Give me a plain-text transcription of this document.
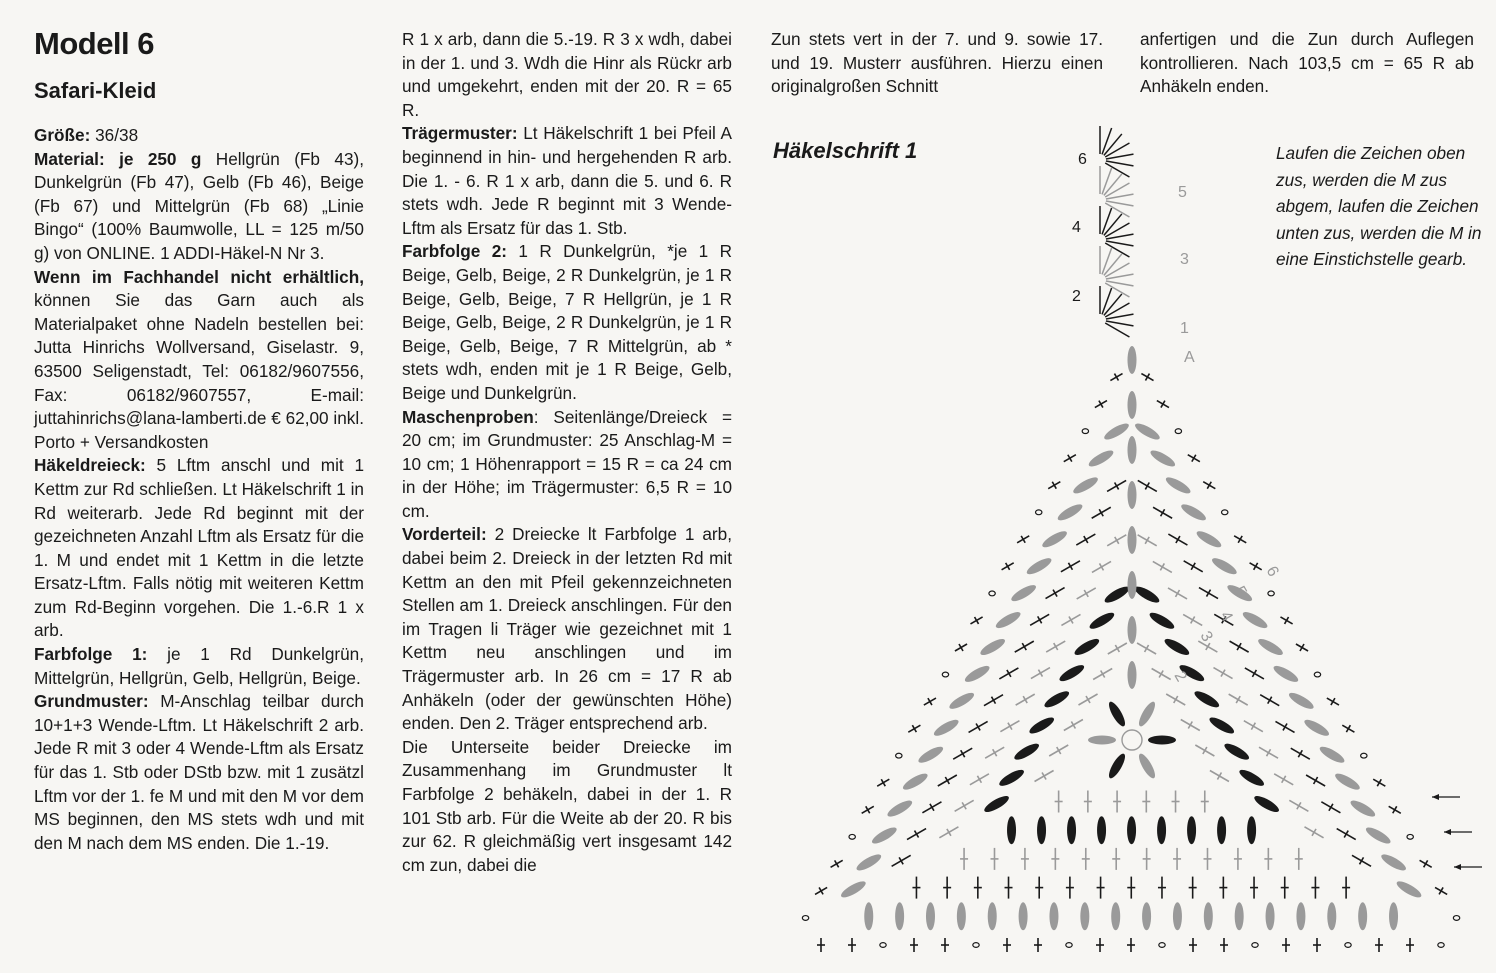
Modell 6
Safari-Kleid

Größe: 36/38

Material: je 250 g Hellgrün (Fb 43), Dunkelgrün (Fb 47), Gelb (Fb 46), Beige (Fb 67) und Mittelgrün (Fb 68) „Linie Bingo“ (100% Baumwolle, LL = 125 m/50 g) von ONLINE. 1 ADDI-Häkel-N Nr 3.

Wenn im Fachhandel nicht erhältlich, können Sie das Garn auch als Materialpaket ohne Nadeln bestellen bei: Jutta Hinrichs Wollversand, Giselastr. 9, 63500 Seligenstadt, Tel: 06182/9607556, Fax: 06182/9607557, E-mail: juttahinrichs@lana-lamberti.de € 62,00 inkl. Porto + Versandkosten

Häkeldreieck: 5 Lftm anschl und mit 1 Kettm zur Rd schließen. Lt Häkelschrift 1 in Rd weiterarb. Jede Rd beginnt mit der gezeichneten Anzahl Lftm als Ersatz für die 1. M und endet mit 1 Kettm in die letzte Ersatz-Lftm. Falls nötig mit weiteren Kettm zum Rd-Beginn vorgehen. Die 1.-6.R 1 x arb.

Farbfolge 1: je 1 Rd Dunkelgrün, Mittelgrün, Hellgrün, Gelb, Hellgrün, Beige.

Grundmuster: M-Anschlag teilbar durch 10+1+3 Wende-Lftm. Lt Häkelschrift 2 arb. Jede R mit 3 oder 4 Wende-Lftm als Ersatz für das 1. Stb oder DStb bzw. mit 1 zusätzl Lftm vor der 1. fe M und mit den M vor dem MS beginnen, den MS stets wdh und mit den M nach dem MS enden. Die 1.-19.

R 1 x arb, dann die 5.-19. R 3 x wdh, dabei in der 1. und 3. Wdh die Hinr als Rückr arb und umgekehrt, enden mit der 20. R = 65 R.

Trägermuster: Lt Häkelschrift 1 bei Pfeil A beginnend in hin- und hergehenden R arb. Die 1. - 6. R 1 x arb, dann die 5. und 6. R stets wdh. Jede R beginnt mit 3 Wende-Lftm als Ersatz für das 1. Stb.

Farbfolge 2: 1 R Dunkelgrün, *je 1 R Beige, Gelb, Beige, 2 R Dunkelgrün, je 1 R Beige, Gelb, Beige, 7 R Hellgrün, je 1 R Beige, Gelb, Beige, 2 R Dunkelgrün, je 1 R Beige, Gelb, Beige, 7 R Mittelgrün, ab * stets wdh, enden mit je 1 R Beige, Gelb, Beige und Dunkelgrün.

Maschenproben: Seitenlänge/Dreieck = 20 cm; im Grundmuster: 25 Anschlag-M = 10 cm; 1 Höhenrapport = 15 R = ca 24 cm in der Höhe; im Trägermuster: 6,5 R = 10 cm.

Vorderteil: 2 Dreiecke lt Farbfolge 1 arb, dabei beim 2. Dreieck in der letzten Rd mit Kettm an den mit Pfeil gekennzeichneten Stellen am 1. Dreieck anschlingen. Für den im Tragen li Träger wie gezeichnet mit 1 Kettm neu anschlingen und im Trägermuster arb. In 26 cm = 17 R ab Anhäkeln (oder der gewünschten Höhe) enden. Den 2. Träger entsprechend arb.

Die Unterseite beider Dreiecke im Zusammenhang im Grundmuster lt Farbfolge 2 behäkeln, dabei in der 1. R 101 Stb arb. Für die Weite ab der 20. R bis zur 62. R gleichmäßig vert insgesamt 142 cm zun, dabei die

Zun stets vert in der 7. und 9. sowie 17. und 19. Musterr ausführen. Hierzu einen originalgroßen Schnitt

anfertigen und die Zun durch Auflegen kontrollieren. Nach 103,5 cm = 65 R ab Anhäkeln enden.

Häkelschrift 1	Laufen die Zeichen oben zus, werden die M zus abgem, laufen die Zeichen unten zus, werden die M in eine Einstichstelle gearb.
6
4
2
5
3
1
A
6
5
4
3
2
